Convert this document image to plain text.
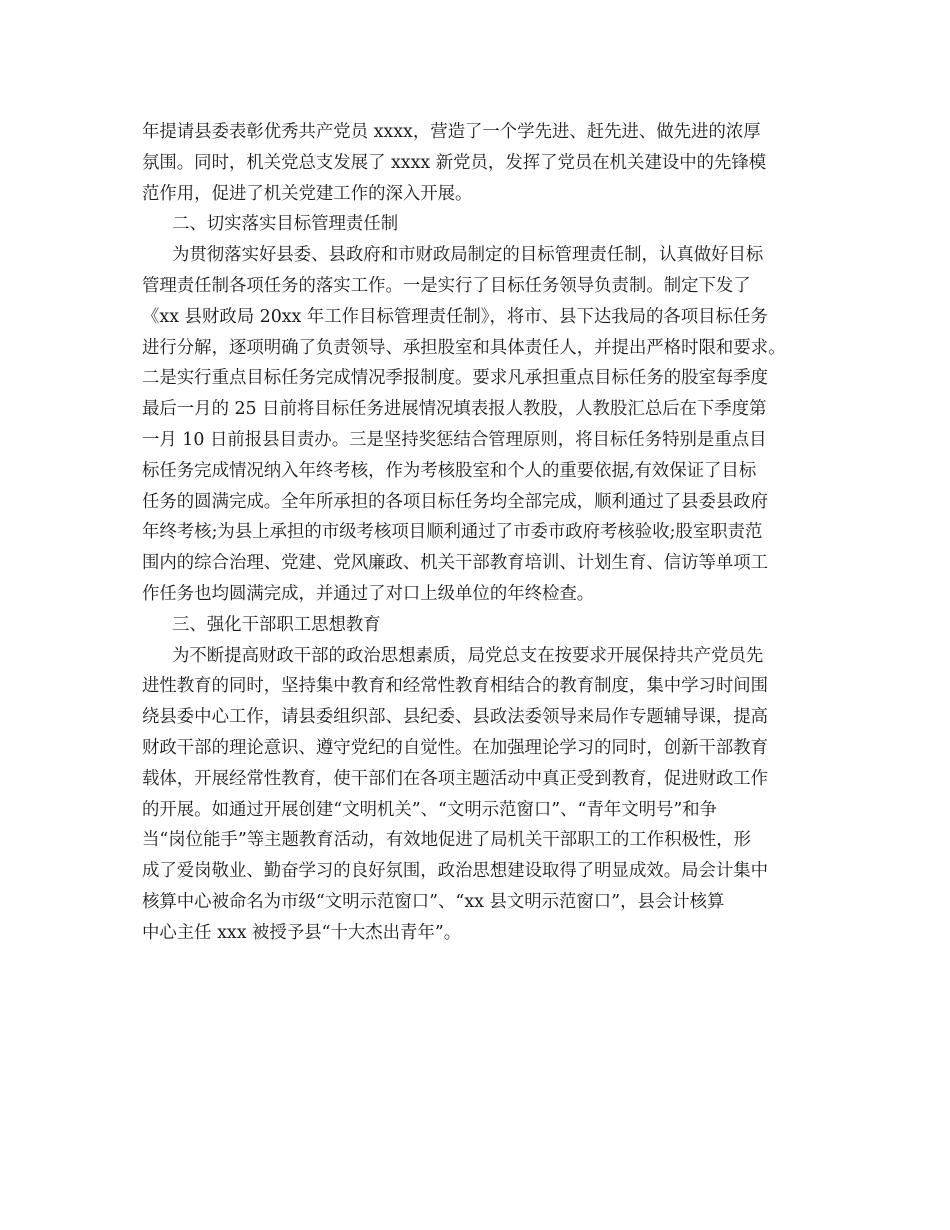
年提请县委表彰优秀共产党员 xxxx，营造了一个学先进、赶先进、做先进的浓厚
氛围。同时，机关党总支发展了 xxxx 新党员，发挥了党员在机关建设中的先锋模
范作用，促进了机关党建工作的深入开展。
二、切实落实目标管理责任制
为贯彻落实好县委、县政府和市财政局制定的目标管理责任制，认真做好目标
管理责任制各项任务的落实工作。一是实行了目标任务领导负责制。制定下发了
《xx 县财政局 20xx 年工作目标管理责任制》，将市、县下达我局的各项目标任务
进行分解，逐项明确了负责领导、承担股室和具体责任人，并提出严格时限和要求。
二是实行重点目标任务完成情况季报制度。要求凡承担重点目标任务的股室每季度
最后一月的 25 日前将目标任务进展情况填表报人教股，人教股汇总后在下季度第
一月 10 日前报县目责办。三是坚持奖惩结合管理原则，将目标任务特别是重点目
标任务完成情况纳入年终考核，作为考核股室和个人的重要依据,有效保证了目标
任务的圆满完成。全年所承担的各项目标任务均全部完成，顺利通过了县委县政府
年终考核;为县上承担的市级考核项目顺利通过了市委市政府考核验收;股室职责范
围内的综合治理、党建、党风廉政、机关干部教育培训、计划生育、信访等单项工
作任务也均圆满完成，并通过了对口上级单位的年终检查。
三、强化干部职工思想教育
为不断提高财政干部的政治思想素质，局党总支在按要求开展保持共产党员先
进性教育的同时，坚持集中教育和经常性教育相结合的教育制度，集中学习时间围
绕县委中心工作，请县委组织部、县纪委、县政法委领导来局作专题辅导课，提高
财政干部的理论意识、遵守党纪的自觉性。在加强理论学习的同时，创新干部教育
载体，开展经常性教育，使干部们在各项主题活动中真正受到教育，促进财政工作
的开展。如通过开展创建“文明机关”、“文明示范窗口”、“青年文明号”和争
当“岗位能手”等主题教育活动，有效地促进了局机关干部职工的工作积极性，形
成了爱岗敬业、勤奋学习的良好氛围，政治思想建设取得了明显成效。局会计集中
核算中心被命名为市级“文明示范窗口”、“xx 县文明示范窗口”，县会计核算
中心主任 xxx 被授予县“十大杰出青年”。
